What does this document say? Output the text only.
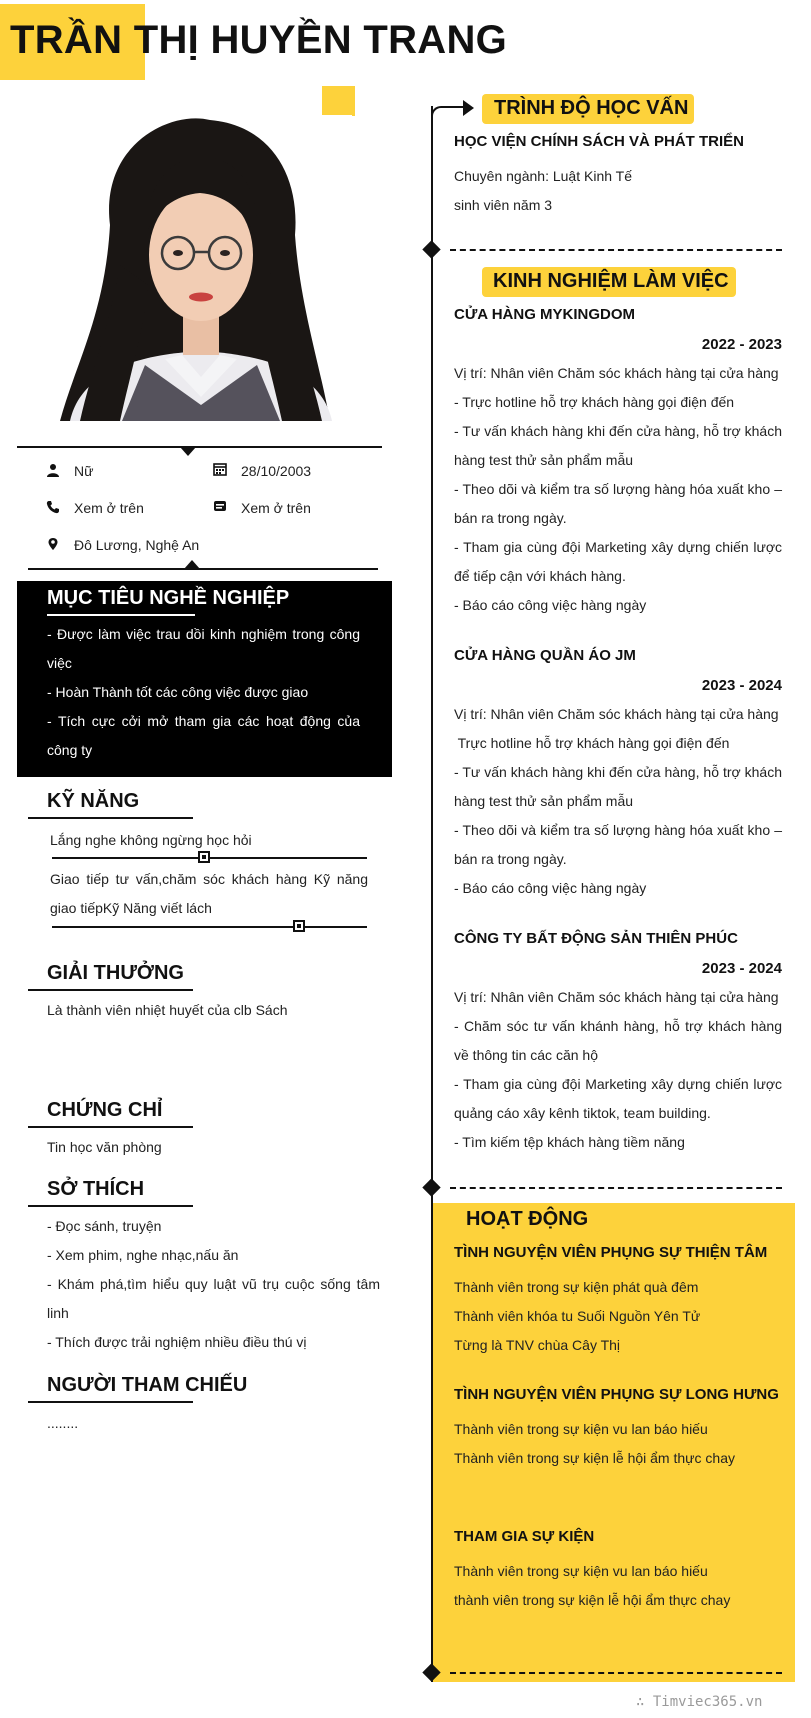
TRẦN THỊ HUYỀN TRANG
Nữ	28/10/2003
Xem ở trên	Xem ở trên
Đô Lương, Nghệ An
MỤC TIÊU NGHỀ NGHIỆP
- Được làm việc trau dồi kinh nghiệm trong công việc
- Hoàn Thành tốt các công việc được giao
- Tích cực cởi mở tham gia các hoạt động của công ty
KỸ NĂNG
Lắng nghe không ngừng học hỏi
Giao tiếp tư vấn,chăm sóc khách hàng Kỹ năng giao tiếpKỹ Năng viết lách
GIẢI THƯỞNG
Là thành viên nhiệt huyết của clb Sách
CHỨNG CHỈ
Tin học văn phòng
SỞ THÍCH
- Đọc sánh, truyện
- Xem phim, nghe nhạc,nấu ăn
- Khám phá,tìm hiểu quy luật vũ trụ cuộc sống tâm linh
- Thích được trải nghiệm nhiều điều thú vị
NGƯỜI THAM CHIẾU
........
TRÌNH ĐỘ HỌC VẤN
HỌC VIỆN CHÍNH SÁCH VÀ PHÁT TRIỂN
Chuyên ngành: Luật Kinh Tế
sinh viên năm 3
KINH NGHIỆM LÀM VIỆC
CỬA HÀNG MYKINGDOM
2022 - 2023
Vị trí: Nhân viên Chăm sóc khách hàng tại cửa hàng
- Trực hotline hỗ trợ khách hàng gọi điện đến
- Tư vấn khách hàng khi đến cửa hàng, hỗ trợ khách hàng test thử sản phẩm mẫu
- Theo dõi và kiểm tra số lượng hàng hóa xuất kho – bán ra trong ngày.
- Tham gia cùng đội Marketing xây dựng chiến lược để tiếp cận với khách hàng.
- Báo cáo công việc hàng ngày
CỬA HÀNG QUẦN ÁO JM
2023 - 2024
Vị trí: Nhân viên Chăm sóc khách hàng tại cửa hàng
Trực hotline hỗ trợ khách hàng gọi điện đến
- Tư vấn khách hàng khi đến cửa hàng, hỗ trợ khách hàng test thử sản phẩm mẫu
- Theo dõi và kiểm tra số lượng hàng hóa xuất kho – bán ra trong ngày.
- Báo cáo công việc hàng ngày
CÔNG TY BẤT ĐỘNG SẢN THIÊN PHÚC
2023 - 2024
Vị trí: Nhân viên Chăm sóc khách hàng tại cửa hàng
- Chăm sóc tư vấn khánh hàng, hỗ trợ khách hàng về thông tin các căn hộ
- Tham gia cùng đội Marketing xây dựng chiến lược quảng cáo xây kênh tiktok, team building.
- Tìm kiếm tệp khách hàng tiềm năng
HOẠT ĐỘNG
TÌNH NGUYỆN VIÊN PHỤNG SỰ THIỆN TÂM
Thành viên trong sự kiện phát quà đêm
Thành viên khóa tu Suối Nguồn Yên Tử
Từng là TNV chùa Cây Thị
TÌNH NGUYỆN VIÊN PHỤNG SỰ LONG HƯNG
Thành viên trong sự kiện vu lan báo hiếu
Thành viên trong sự kiện lễ hội ẩm thực chay
THAM GIA SỰ KIỆN
Thành viên trong sự kiện vu lan báo hiếu
thành viên trong sự kiện lễ hội ẩm thực chay
∴ Timviec365.vn
